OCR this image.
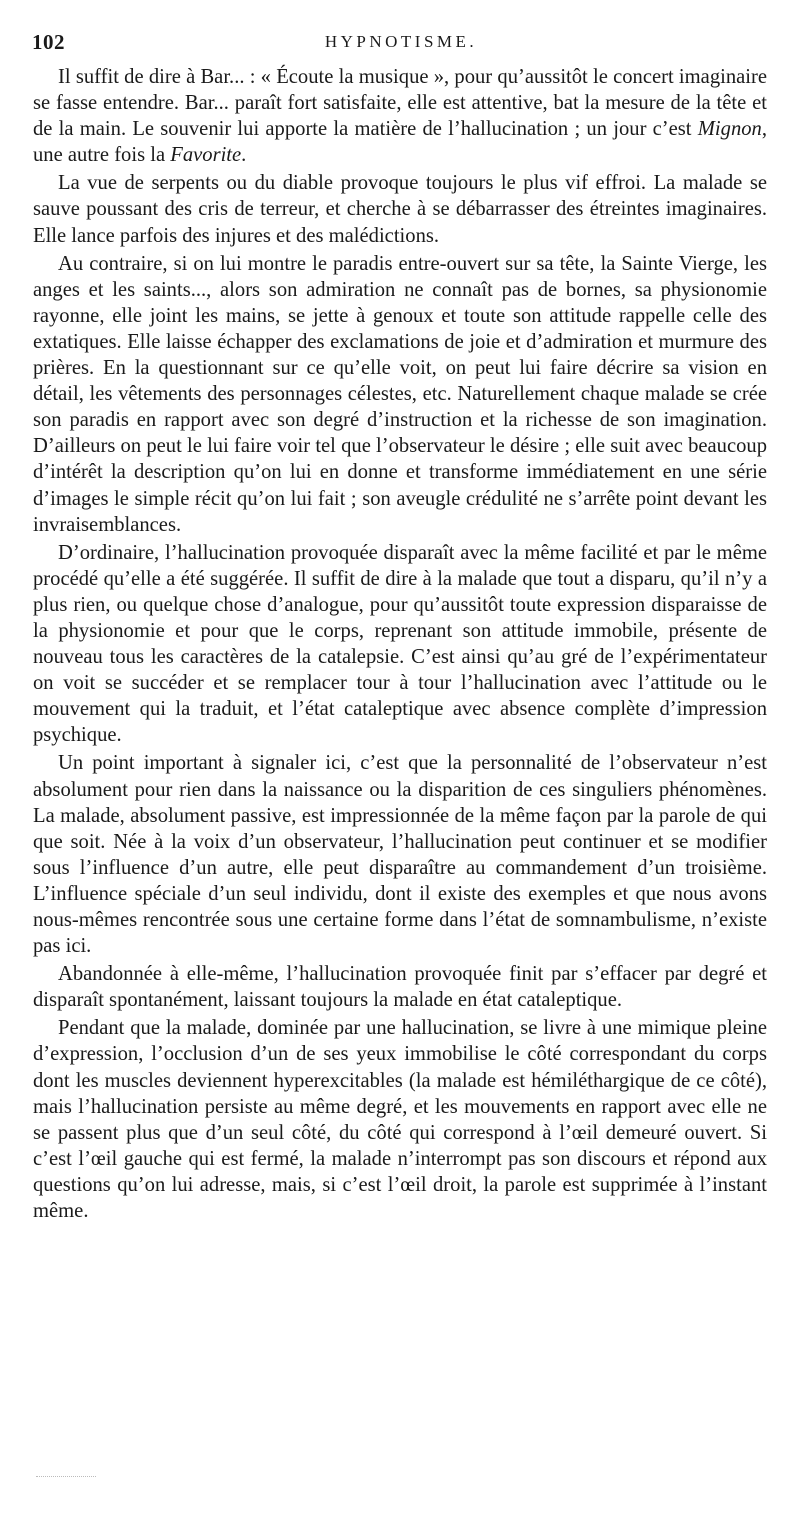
102	HYPNOTISME.

Il suffit de dire à Bar... : « Écoute la musique », pour qu’aussitôt le concert imaginaire se fasse entendre. Bar... paraît fort satisfaite, elle est attentive, bat la mesure de la tête et de la main. Le souvenir lui apporte la matière de l’hallucination ; un jour c’est Mignon, une autre fois la Favorite.

La vue de serpents ou du diable provoque toujours le plus vif effroi. La malade se sauve poussant des cris de terreur, et cherche à se débarrasser des étreintes imaginaires. Elle lance parfois des injures et des malédictions.

Au contraire, si on lui montre le paradis entre-ouvert sur sa tête, la Sainte Vierge, les anges et les saints..., alors son admiration ne connaît pas de bornes, sa physionomie rayonne, elle joint les mains, se jette à genoux et toute son attitude rappelle celle des extatiques. Elle laisse échapper des exclamations de joie et d’admiration et murmure des prières. En la questionnant sur ce qu’elle voit, on peut lui faire décrire sa vision en détail, les vêtements des personnages célestes, etc. Naturellement chaque malade se crée son paradis en rapport avec son degré d’instruction et la richesse de son imagination. D’ailleurs on peut le lui faire voir tel que l’observateur le désire ; elle suit avec beaucoup d’intérêt la description qu’on lui en donne et transforme immédiatement en une série d’images le simple récit qu’on lui fait ; son aveugle crédulité ne s’arrête point devant les invraisemblances.

D’ordinaire, l’hallucination provoquée disparaît avec la même facilité et par le même procédé qu’elle a été suggérée. Il suffit de dire à la malade que tout a disparu, qu’il n’y a plus rien, ou quelque chose d’analogue, pour qu’aussitôt toute expression disparaisse de la physionomie et pour que le corps, reprenant son attitude immobile, présente de nouveau tous les caractères de la catalepsie. C’est ainsi qu’au gré de l’expérimentateur on voit se succéder et se remplacer tour à tour l’hallucination avec l’attitude ou le mouvement qui la traduit, et l’état cataleptique avec absence complète d’impression psychique.

Un point important à signaler ici, c’est que la personnalité de l’observateur n’est absolument pour rien dans la naissance ou la disparition de ces singuliers phénomènes. La malade, absolument passive, est impressionnée de la même façon par la parole de qui que soit. Née à la voix d’un observateur, l’hallucination peut continuer et se modifier sous l’influence d’un autre, elle peut disparaître au commandement d’un troisième. L’influence spéciale d’un seul individu, dont il existe des exemples et que nous avons nous-mêmes rencontrée sous une certaine forme dans l’état de somnambulisme, n’existe pas ici.

Abandonnée à elle-même, l’hallucination provoquée finit par s’effacer par degré et disparaît spontanément, laissant toujours la malade en état cataleptique.

Pendant que la malade, dominée par une hallucination, se livre à une mimique pleine d’expression, l’occlusion d’un de ses yeux immobilise le côté correspondant du corps dont les muscles deviennent hyperexcitables (la malade est hémiléthargique de ce côté), mais l’hallucination persiste au même degré, et les mouvements en rapport avec elle ne se passent plus que d’un seul côté, du côté qui correspond à l’œil demeuré ouvert. Si c’est l’œil gauche qui est fermé, la malade n’interrompt pas son discours et répond aux questions qu’on lui adresse, mais, si c’est l’œil droit, la parole est supprimée à l’instant même.
